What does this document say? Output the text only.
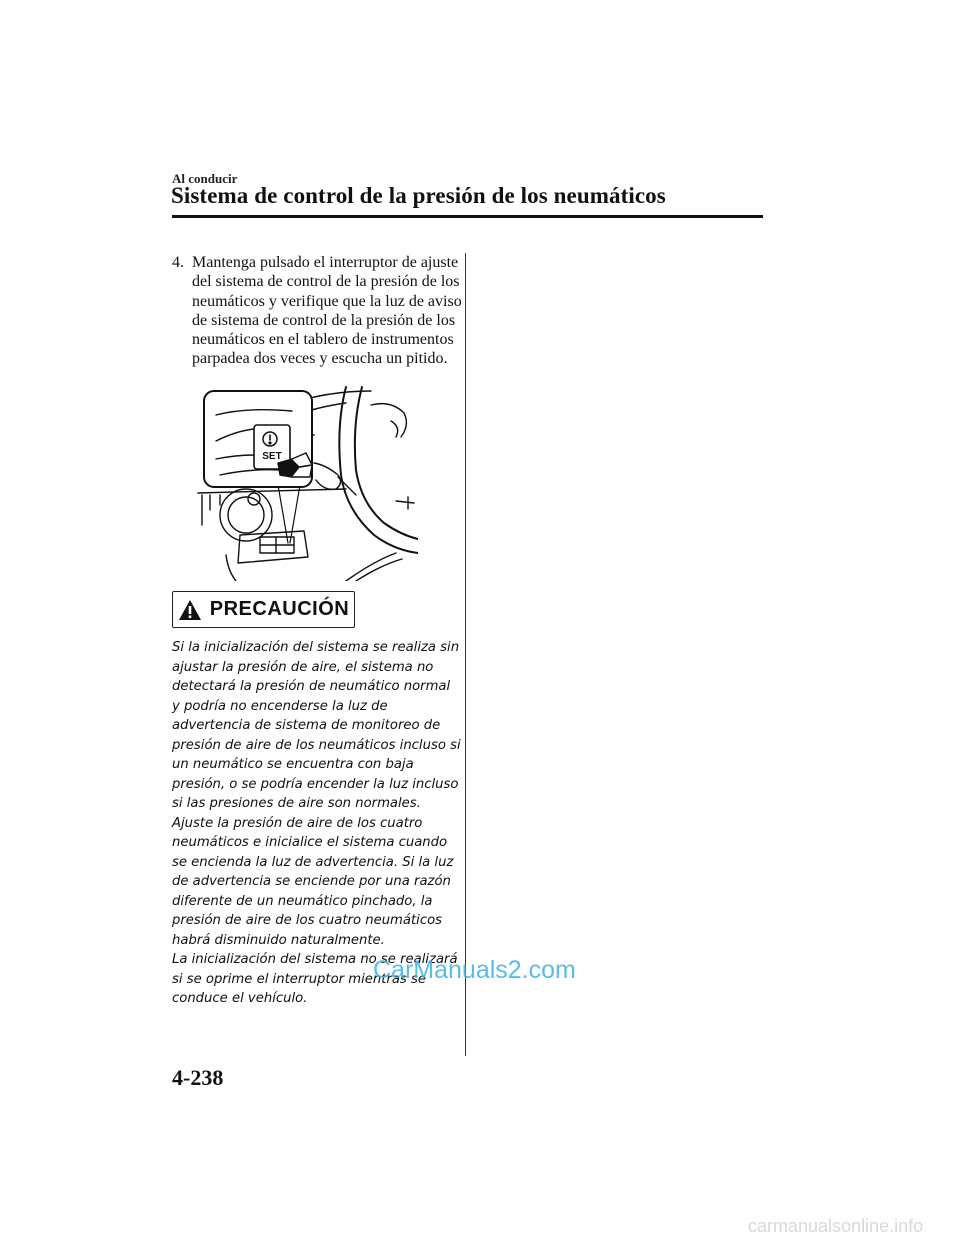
Al conducir
Sistema de control de la presión de los neumáticos
4. Mantenga pulsado el interruptor de ajuste del sistema de control de la presión de los neumáticos y verifique que la luz de aviso de sistema de control de la presión de los neumáticos en el tablero de instrumentos parpadea dos veces y escucha un pitido.
SET
PRECAUCIÓN

Si la inicialización del sistema se realiza sin ajustar la presión de aire, el sistema no detectará la presión de neumático normal y podría no encenderse la luz de advertencia de sistema de monitoreo de presión de aire de los neumáticos incluso si un neumático se encuentra con baja presión, o se podría encender la luz incluso si las presiones de aire son normales.

Ajuste la presión de aire de los cuatro neumáticos e inicialice el sistema cuando se encienda la luz de advertencia. Si la luz de advertencia se enciende por una razón diferente de un neumático pinchado, la presión de aire de los cuatro neumáticos habrá disminuido naturalmente.

La inicialización del sistema no se realizará si se oprime el interruptor mientras se conduce el vehículo.

CarManuals2.com
4-238
carmanualsonline.info
